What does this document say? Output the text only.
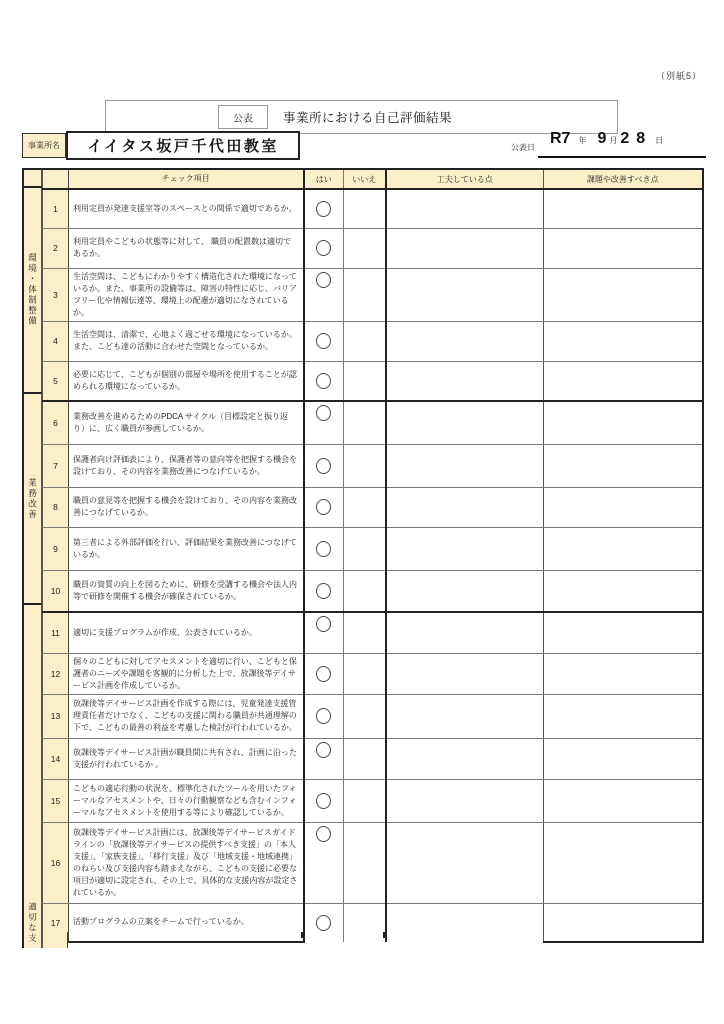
（別紙5）
公表	事業所における自己評価結果
事業所名	イイタス坂戸千代田教室	公表日
R7 年 9 月 28 日
環境・体制整備
業務改善
適切な支
	チェック項目	はい	いいえ	工夫している点	課題や改善すべき点
1	利用定員が発達支援室等のスペースとの関係で適切であるか。	

2	利用定員やこどもの状態等に対して、 職員の配置数は適切であるか。	

3	生活空間は、こどもにわかりやすく構造化された環境になっているか。また、事業所の設備等は、障害の特性に応じ、バリアフリー化や情報伝達等、環境上の配慮が適切になされているか。	

4	生活空間は、清潔で、心地よく過ごせる環境になっているか。また、こども達の活動に合わせた空間となっているか。	

5	必要に応じて、こどもが個別の部屋や場所を使用することが認められる環境になっているか。	

6	業務改善を進めるためのPDCA サイクル（目標設定と振り返り）に、広く職員が参画しているか。	

7	保護者向け評価表により、保護者等の意向等を把握する機会を設けており、その内容を業務改善につなげているか。	

8	職員の意見等を把握する機会を設けており、その内容を業務改善につなげているか。	

9	第三者による外部評価を行い、評価結果を業務改善につなげているか。	

10	職員の資質の向上を図るために、研修を受講する機会や法人内等で研修を開催する機会が確保されているか。	

11	適切に支援プログラムが作成、公表されているか。	

12	個々のこどもに対してアセスメントを適切に行い、こどもと保護者のニーズや課題を客観的に分析した上で、放課後等デイサービス計画を作成しているか。	

13	放課後等デイサービス計画を作成する際には、児童発達支援管理責任者だけでなく、こどもの支援に関わる職員が共通理解の下で、こどもの最善の利益を考慮した検討が行われているか。	

14	放課後等デイサービス計画が職員間に共有され、計画に沿った支援が行われているか 。	

15	こどもの適応行動の状況を、標準化されたツールを用いたフォーマルなアセスメントや、日々の行動観察なども含むインフォーマルなアセスメントを使用する等により確認しているか。	

16	放課後等デイサービス計画には、放課後等デイサービスガイドラインの「放課後等デイサービスの提供すべき支援」の「本人支援」、「家族支援」、「移行支援」及び「地域支援・地域連携」のねらい及び支援内容も踏まえながら、こどもの支援に必要な項目が適切に設定され、その上で、具体的な支援内容が設定されているか。	

17	活動プログラムの立案をチームで行っているか。	
